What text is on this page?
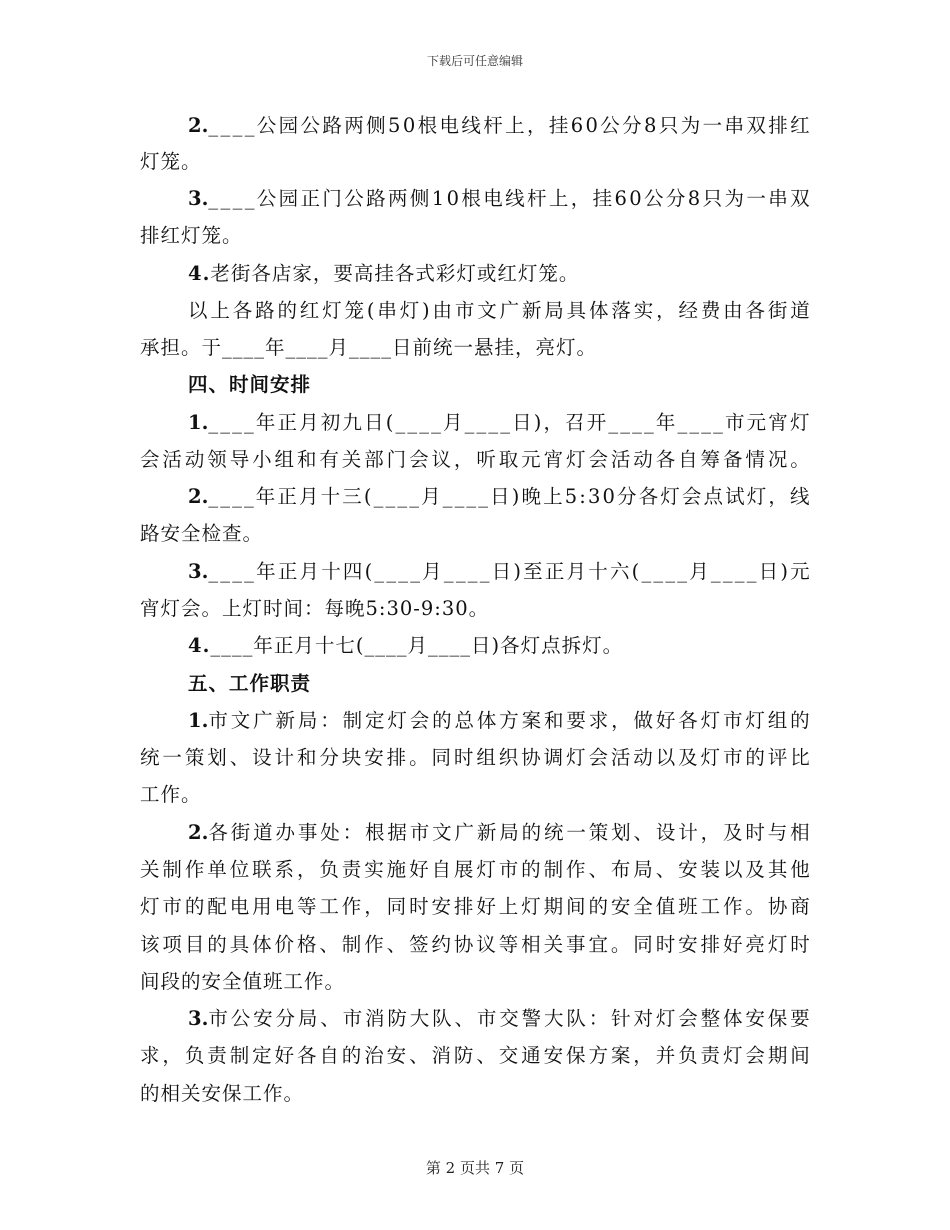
下载后可任意编辑
2. _ _ _ _ 公 园 公 路 两 侧 5 0 根 电 线 杆 上 ， 挂 6 0 公 分 8 只 为 一 串 双 排 红
灯笼。
3. _ _ _ _ 公 园 正 门 公 路 两 侧 1 0 根 电 线 杆 上 ， 挂 6 0 公 分 8 只 为 一 串 双
排红灯笼。
4. 老街各店家，要高挂各式彩灯或红灯笼。
以 上 各 路 的 红 灯 笼 ( 串 灯 ) 由 市 文 广 新 局 具 体 落 实 ， 经 费 由 各 街 道
承担。于____年____月____日前统一悬挂，亮灯。
四、时间安排
1. _ _ _ _ 年 正 月 初 九 日 ( _ _ _ _ 月 _ _ _ _ 日 ) ， 召 开 _ _ _ _ 年 _ _ _ _ 市 元 宵 灯
会 活 动 领 导 小 组 和 有 关 部 门 会 议 ， 听 取 元 宵 灯 会 活 动 各 自 筹 备 情 况 。
2. _ _ _ _ 年 正 月 十 三 ( _ _ _ _ 月 _ _ _ _ 日 ) 晚 上 5 : 3 0 分 各 灯 会 点 试 灯 ， 线
路安全检查。
3. _ _ _ _ 年 正 月 十 四 ( _ _ _ _ 月 _ _ _ _ 日 ) 至 正 月 十 六 ( _ _ _ _ 月 _ _ _ _ 日 ) 元
宵灯会。上灯时间：每晚5:30-9:30。
4. ____年正月十七(____月____日)各灯点拆灯。
五、工作职责
1. 市 文 广 新 局 ： 制 定 灯 会 的 总 体 方 案 和 要 求 ， 做 好 各 灯 市 灯 组 的
统 一 策 划 、 设 计 和 分 块 安 排 。 同 时 组 织 协 调 灯 会 活 动 以 及 灯 市 的 评 比
工作。
2. 各 街 道 办 事 处 ： 根 据 市 文 广 新 局 的 统 一 策 划 、 设 计 ， 及 时 与 相
关 制 作 单 位 联 系 ， 负 责 实 施 好 自 展 灯 市 的 制 作 、 布 局 、 安 装 以 及 其 他
灯 市 的 配 电 用 电 等 工 作 ， 同 时 安 排 好 上 灯 期 间 的 安 全 值 班 工 作 。 协 商
该 项 目 的 具 体 价 格 、 制 作 、 签 约 协 议 等 相 关 事 宜 。 同 时 安 排 好 亮 灯 时
间段的安全值班工作。
3. 市 公 安 分 局 、 市 消 防 大 队 、 市 交 警 大 队 ： 针 对 灯 会 整 体 安 保 要
求 ， 负 责 制 定 好 各 自 的 治 安 、 消 防 、 交 通 安 保 方 案 ， 并 负 责 灯 会 期 间
的相关安保工作。
第 2 页共 7 页
